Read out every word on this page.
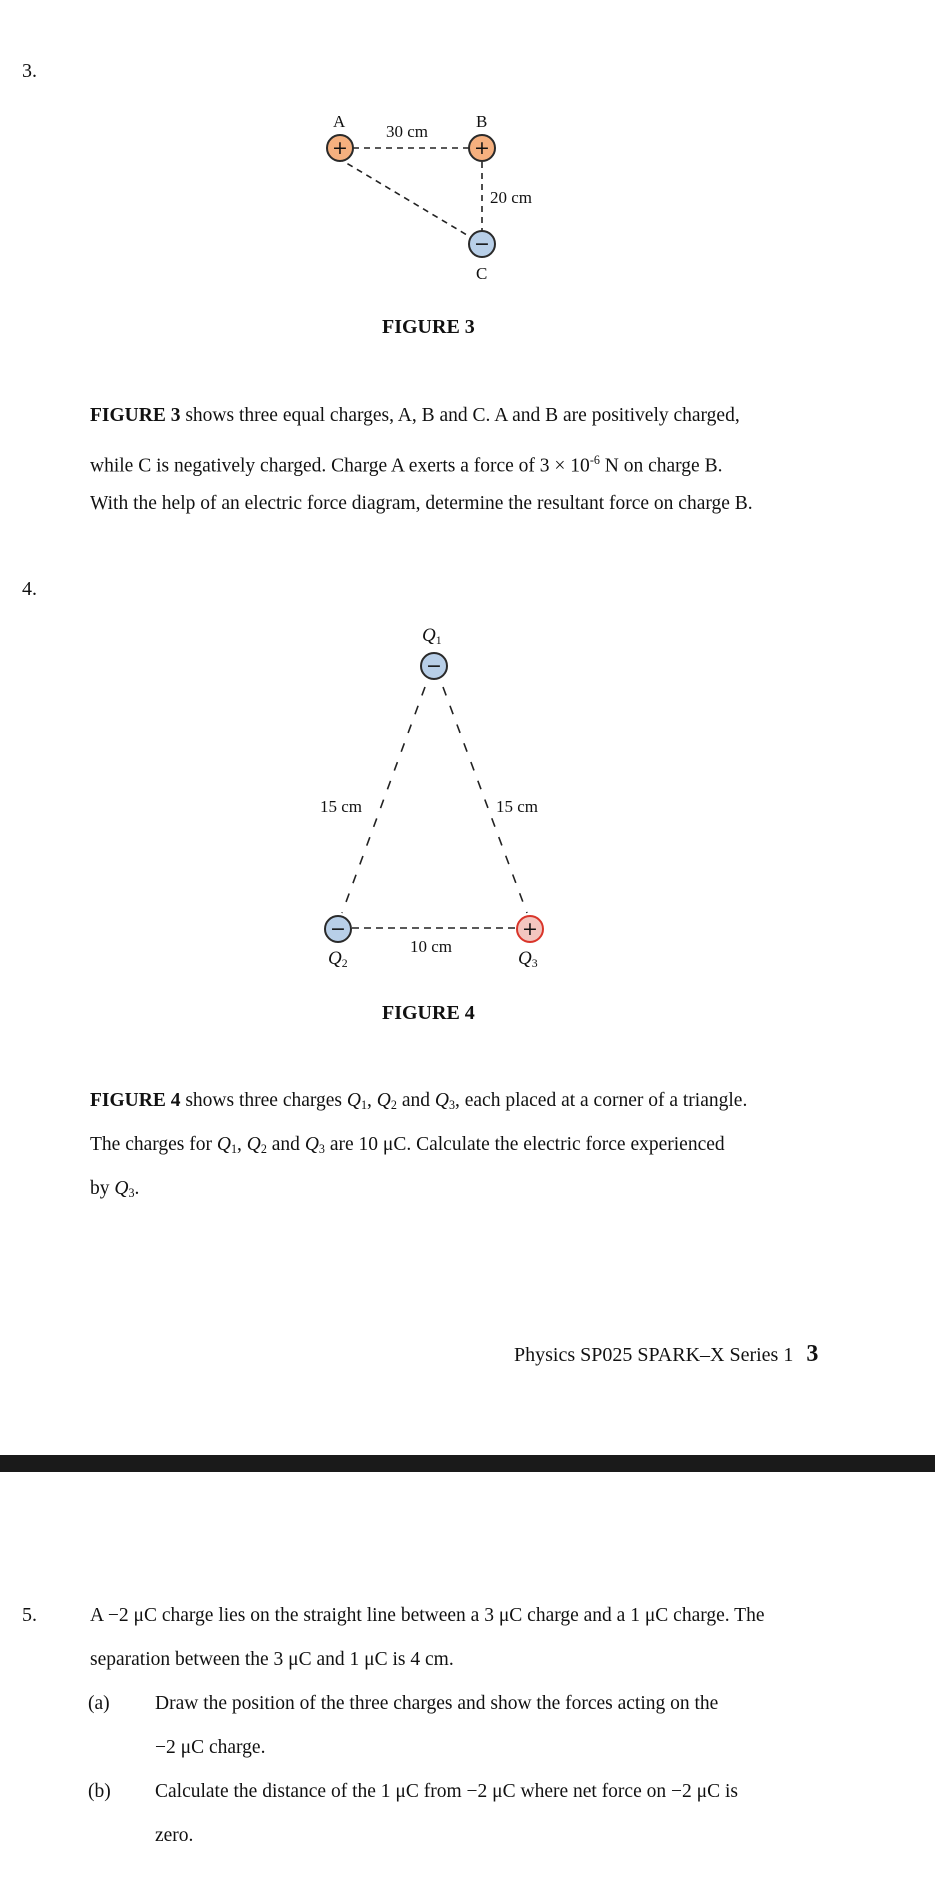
3.
A	B
30 cm
20 cm
+	+
−
C
FIGURE 3
FIGURE 3 shows three equal charges, A, B and C. A and B are positively charged,
while C is negatively charged. Charge A exerts a force of $3 \times 10^{-6}$ N on charge B.
With the help of an electric force diagram, determine the resultant force on charge B.
4.
$Q_1$
−
15 cm	15 cm
−	+
10 cm
$Q_2$	$Q_3$
FIGURE 4
FIGURE 4 shows three charges $Q_1$, $Q_2$ and $Q_3$, each placed at a corner of a triangle.
The charges for $Q_1$, $Q_2$ and $Q_3$ are 10 μC. Calculate the electric force experienced
by $Q_3$.
Physics SP025 SPARK–X Series 1 3
5.	A −2 μC charge lies on the straight line between a 3 μC charge and a 1 μC charge. The
separation between the 3 μC and 1 μC is 4 cm.
(a) Draw the position of the three charges and show the forces acting on the
−2 μC charge.
(b) Calculate the distance of the 1 μC from −2 μC where net force on −2 μC is
zero.
